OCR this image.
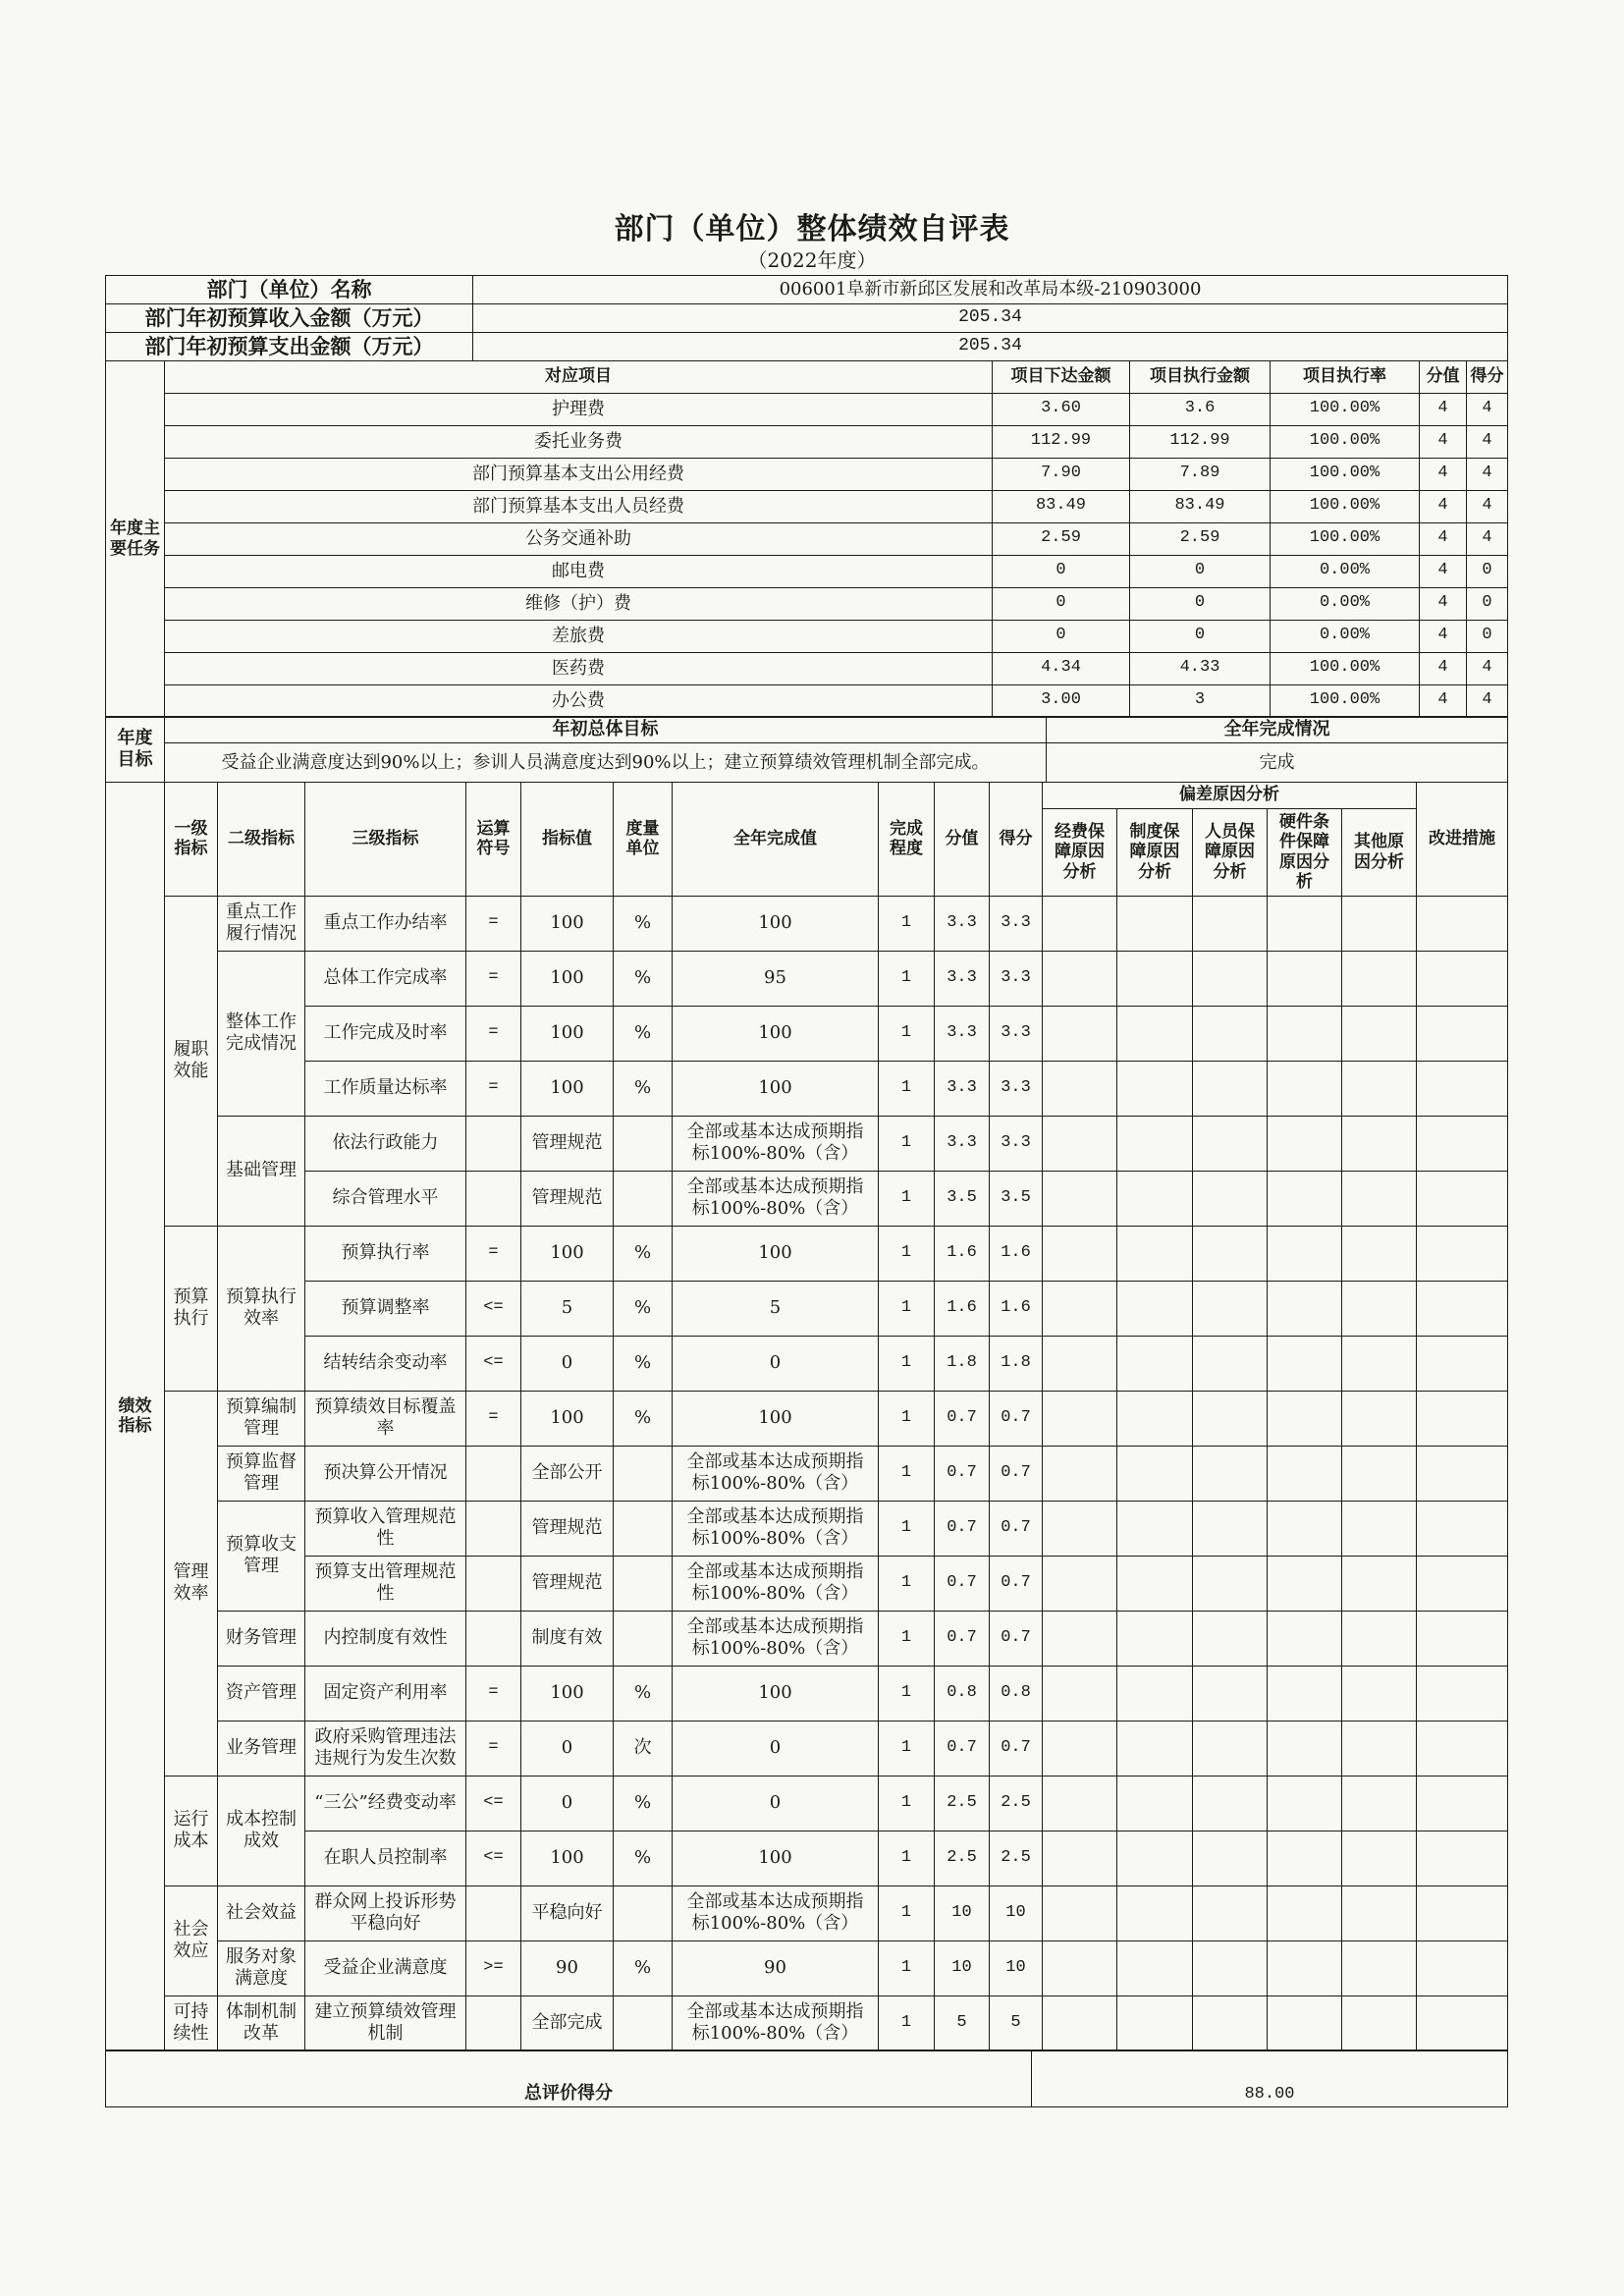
部门（单位）整体绩效自评表
（2022年度）
部门（单位）名称	006001阜新市新邱区发展和改革局本级-210903000
部门年初预算收入金额（万元）	205.34
部门年初预算支出金额（万元）	205.34
年度主要任务	对应项目	项目下达金额	项目执行金额	项目执行率	分值	得分
	护理费	3.60	3.6	100.00%	4	4
	委托业务费	112.99	112.99	100.00%	4	4
	部门预算基本支出公用经费	7.90	7.89	100.00%	4	4
	部门预算基本支出人员经费	83.49	83.49	100.00%	4	4
	公务交通补助	2.59	2.59	100.00%	4	4
	邮电费	0	0	0.00%	4	0
	维修（护）费	0	0	0.00%	4	0
	差旅费	0	0	0.00%	4	0
	医药费	4.34	4.33	100.00%	4	4
	办公费	3.00	3	100.00%	4	4
年度目标	年初总体目标	全年完成情况
	受益企业满意度达到90%以上；参训人员满意度达到90%以上；建立预算绩效管理机制全部完成。	完成
绩效指标	一级指标	二级指标	三级指标	运算符号	指标值	度量单位	全年完成值	完成程度	分值	得分	偏差原因分析					改进措施
											经费保障原因分析	制度保障原因分析	人员保障原因分析	硬件条件保障原因分析	其他原因分析	
	履职效能	重点工作履行情况	重点工作办结率	=	100	%	100	1	3.3	3.3						
		整体工作完成情况	总体工作完成率	=	100	%	95	1	3.3	3.3						
			工作完成及时率	=	100	%	100	1	3.3	3.3						
			工作质量达标率	=	100	%	100	1	3.3	3.3						
		基础管理	依法行政能力		管理规范		全部或基本达成预期指标100%-80%（含）	1	3.3	3.3						
			综合管理水平		管理规范		全部或基本达成预期指标100%-80%（含）	1	3.5	3.5						
	预算执行	预算执行效率	预算执行率	=	100	%	100	1	1.6	1.6						
			预算调整率	<=	5	%	5	1	1.6	1.6						
			结转结余变动率	<=	0	%	0	1	1.8	1.8						
	管理效率	预算编制管理	预算绩效目标覆盖率	=	100	%	100	1	0.7	0.7						
		预算监督管理	预决算公开情况		全部公开		全部或基本达成预期指标100%-80%（含）	1	0.7	0.7						
		预算收支管理	预算收入管理规范性		管理规范		全部或基本达成预期指标100%-80%（含）	1	0.7	0.7						
			预算支出管理规范性		管理规范		全部或基本达成预期指标100%-80%（含）	1	0.7	0.7						
		财务管理	内控制度有效性		制度有效		全部或基本达成预期指标100%-80%（含）	1	0.7	0.7						
		资产管理	固定资产利用率	=	100	%	100	1	0.8	0.8						
		业务管理	政府采购管理违法违规行为发生次数	=	0	次	0	1	0.7	0.7						
	运行成本	成本控制成效	“三公”经费变动率	<=	0	%	0	1	2.5	2.5						
			在职人员控制率	<=	100	%	100	1	2.5	2.5						
	社会效应	社会效益	群众网上投诉形势平稳向好		平稳向好		全部或基本达成预期指标100%-80%（含）	1	10	10						
		服务对象满意度	受益企业满意度	>=	90	%	90	1	10	10						
	可持续性	体制机制改革	建立预算绩效管理机制		全部完成		全部或基本达成预期指标100%-80%（含）	1	5	5						
总评价得分	88.00
